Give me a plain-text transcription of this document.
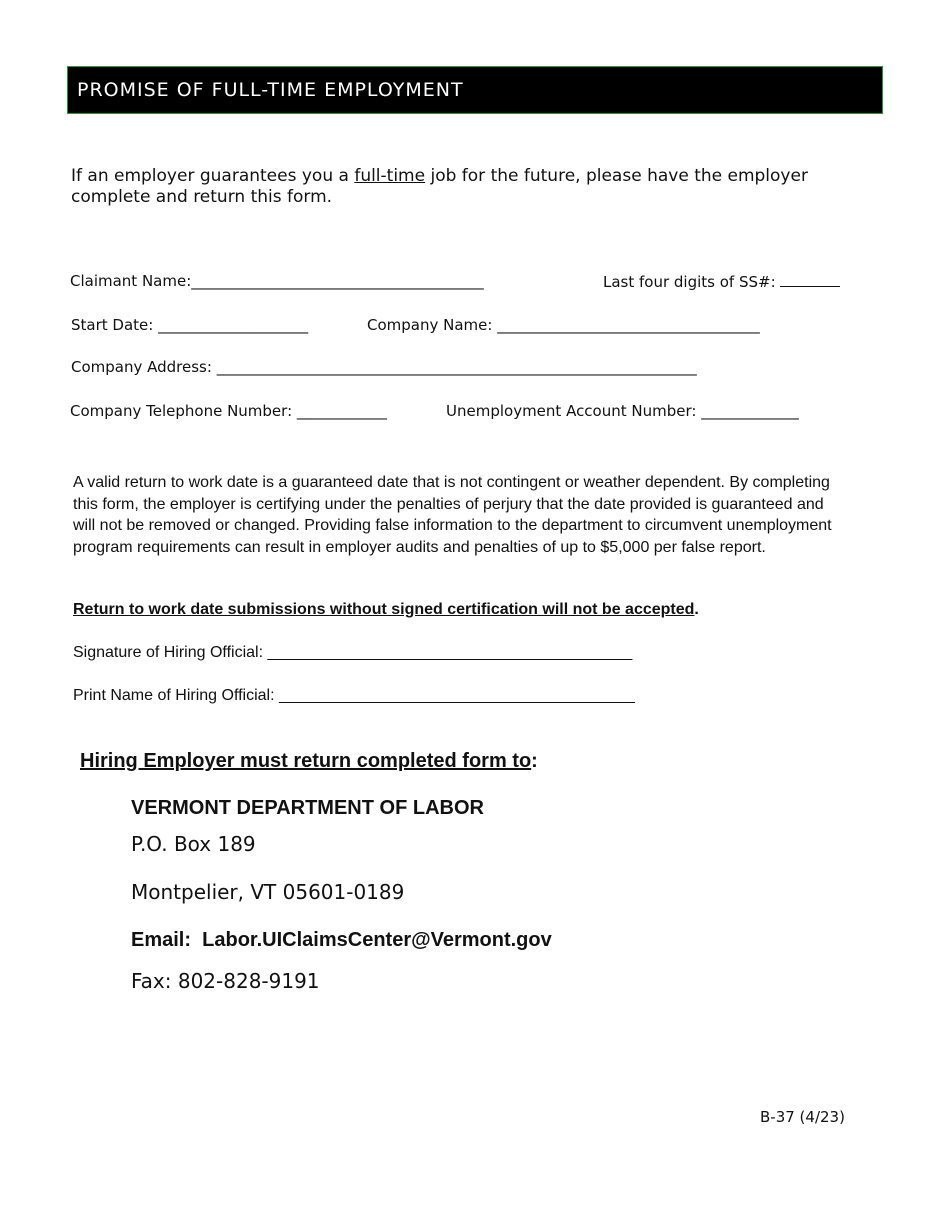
PROMISE OF FULL-TIME EMPLOYMENT
If an employer guarantees you a full-time job for the future, please have the employer complete and return this form.
Claimant Name:_______________________________________	Last four digits of SS#:
Start Date: ____________________	Company Name: ___________________________________
Company Address: ________________________________________________________________
Company Telephone Number: ____________	Unemployment Account Number: _____________
A valid return to work date is a guaranteed date that is not contingent or weather dependent. By completing this form, the employer is certifying under the penalties of perjury that the date provided is guaranteed and will not be removed or changed. Providing false information to the department to circumvent unemployment program requirements can result in employer audits and penalties of up to $5,000 per false report.
Return to work date submissions without signed certification will not be accepted.
Signature of Hiring Official: _________________________________________
Print Name of Hiring Official: ________________________________________
Hiring Employer must return completed form to:
VERMONT DEPARTMENT OF LABOR
P.O. Box 189
Montpelier, VT 05601-0189
Email: Labor.UIClaimsCenter@Vermont.gov
Fax: 802-828-9191
B-37 (4/23)
